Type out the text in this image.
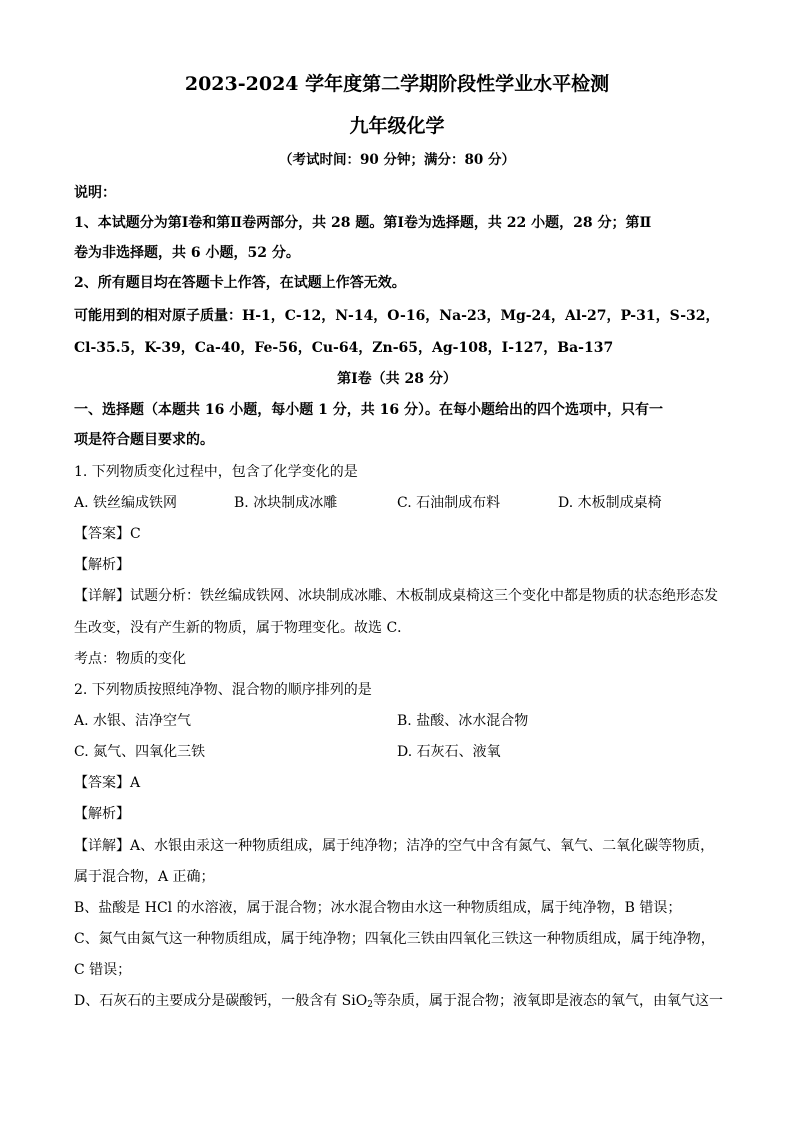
2023-2024 学年度第二学期阶段性学业水平检测
九年级化学
（考试时间：90 分钟；满分：80 分）
说明：
1、本试题分为第Ⅰ卷和第Ⅱ卷两部分，共 28 题。第Ⅰ卷为选择题，共 22 小题，28 分；第Ⅱ
卷为非选择题，共 6 小题，52 分。
2、所有题目均在答题卡上作答，在试题上作答无效。
可能用到的相对原子质量：H-1，C-12，N-14，O-16，Na-23，Mg-24，Al-27，P-31，S-32，
Cl-35.5，K-39，Ca-40，Fe-56，Cu-64，Zn-65，Ag-108，I-127，Ba-137
第Ⅰ卷（共 28 分）
一、选择题（本题共 16 小题，每小题 1 分，共 16 分）。在每小题给出的四个选项中，只有一
项是符合题目要求的。
1. 下列物质变化过程中，包含了化学变化的是
A. 铁丝编成铁网	B. 冰块制成冰雕	C. 石油制成布料	D. 木板制成桌椅
【答案】C
【解析】
【详解】试题分析：铁丝编成铁网、冰块制成冰雕、木板制成桌椅这三个变化中都是物质的状态绝形态发
生改变，没有产生新的物质，属于物理变化。故选 C．
考点：物质的变化
2. 下列物质按照纯净物、混合物的顺序排列的是
A. 水银、洁净空气	B. 盐酸、冰水混合物
C. 氮气、四氧化三铁	D. 石灰石、液氧
【答案】A
【解析】
【详解】A、水银由汞这一种物质组成，属于纯净物；洁净的空气中含有氮气、氧气、二氧化碳等物质，
属于混合物，A 正确；
B、盐酸是 HCl 的水溶液，属于混合物；冰水混合物由水这一种物质组成，属于纯净物，B 错误；
C、氮气由氮气这一种物质组成，属于纯净物；四氧化三铁由四氧化三铁这一种物质组成，属于纯净物，
C 错误；
D、石灰石的主要成分是碳酸钙，一般含有 SiO$_2$等杂质，属于混合物；液氧即是液态的氧气，由氧气这一
